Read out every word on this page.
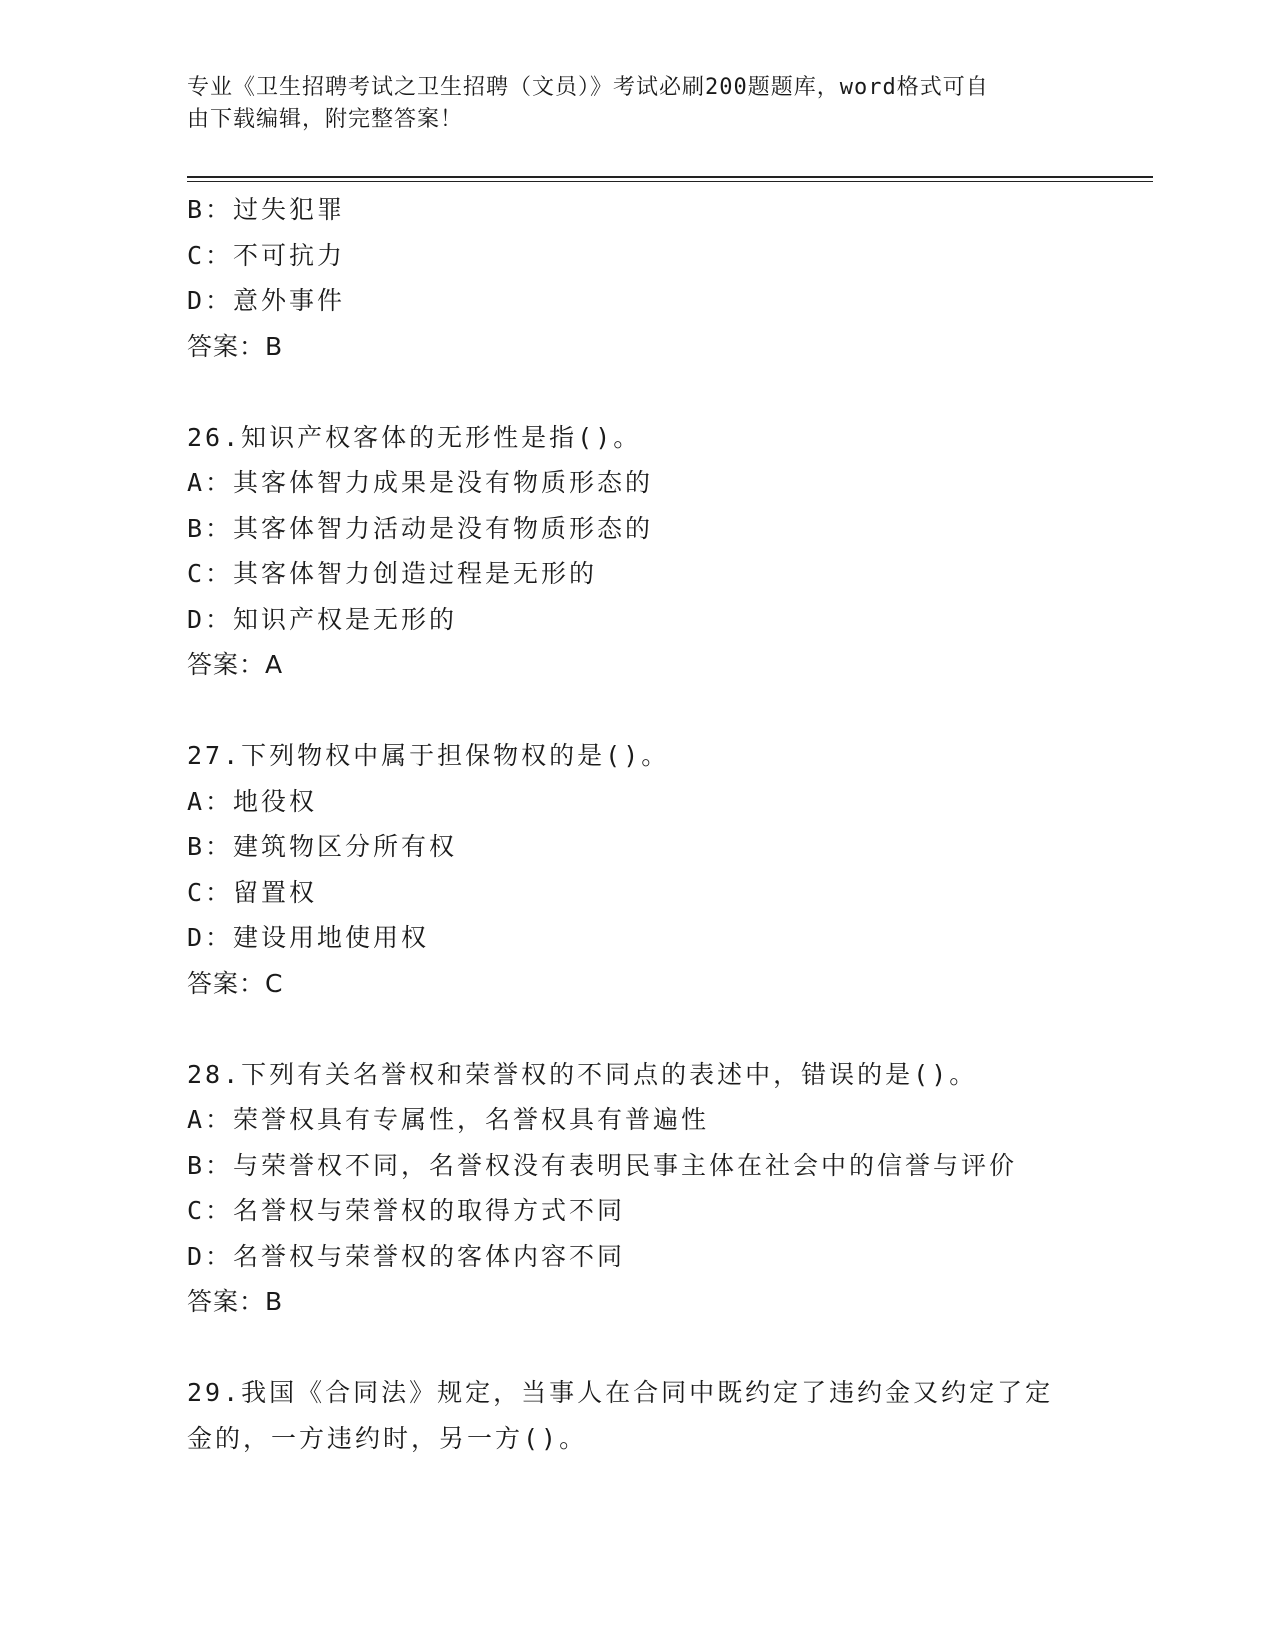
专业《卫生招聘考试之卫生招聘（文员）》考试必刷200题题库，word格式可自

由下载编辑，附完整答案！

B：过失犯罪

C：不可抗力

D：意外事件

答案：B

26.知识产权客体的无形性是指()。

A：其客体智力成果是没有物质形态的

B：其客体智力活动是没有物质形态的

C：其客体智力创造过程是无形的

D：知识产权是无形的

答案：A

27.下列物权中属于担保物权的是()。

A：地役权

B：建筑物区分所有权

C：留置权

D：建设用地使用权

答案：C

28.下列有关名誉权和荣誉权的不同点的表述中，错误的是()。

A：荣誉权具有专属性，名誉权具有普遍性

B：与荣誉权不同，名誉权没有表明民事主体在社会中的信誉与评价

C：名誉权与荣誉权的取得方式不同

D：名誉权与荣誉权的客体内容不同

答案：B

29.我国《合同法》规定，当事人在合同中既约定了违约金又约定了定

金的，一方违约时，另一方()。
